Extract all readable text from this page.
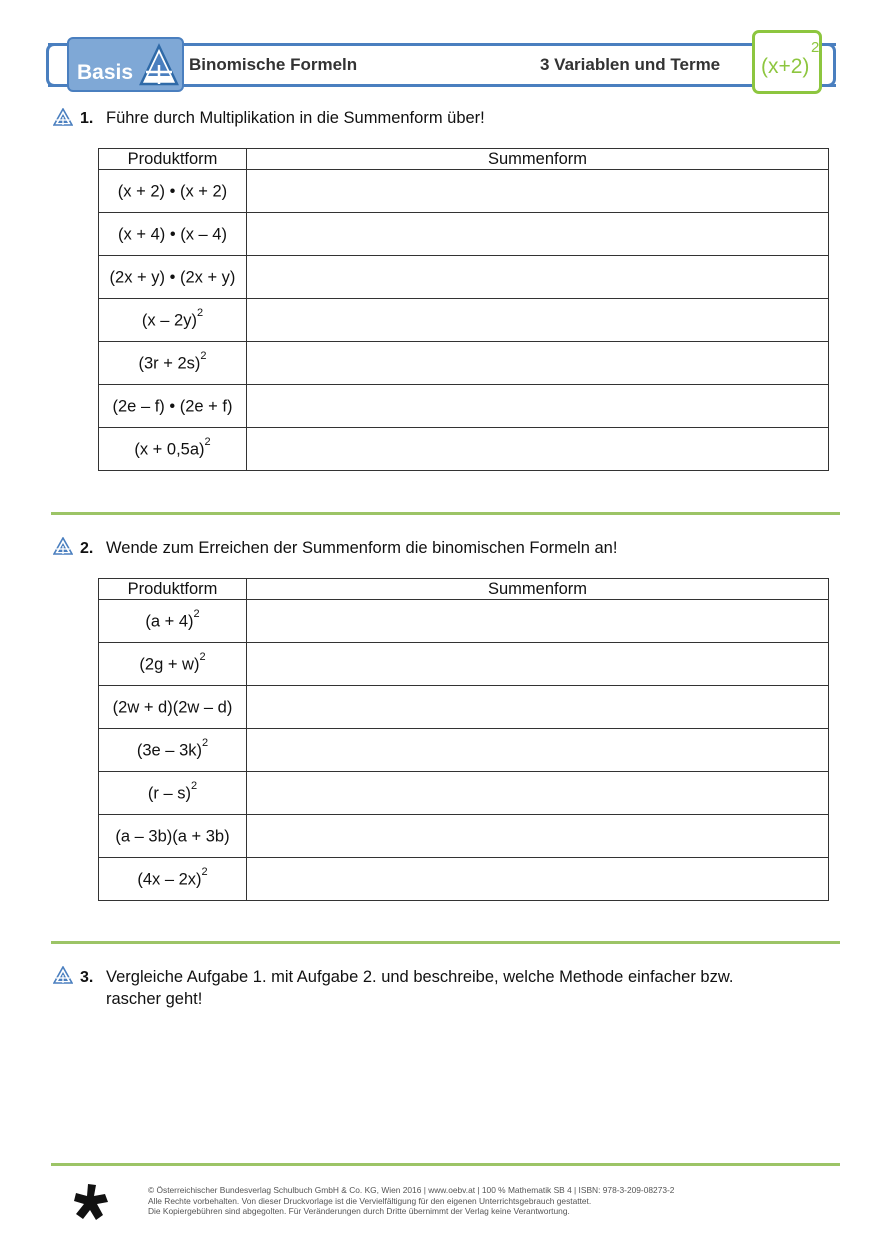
Basis	Binomische Formeln	3 Variablen und Terme (x+2)
2
1. Führe durch Multiplikation in die Summenform über!
Produktform	Summenform
(x + 2) • (x + 2)	
(x + 4) • (x – 4)	
(2x + y) • (2x + y)	
(x – 2y)$^2$	
$(3r + 2s)^2$	
(2e – f) • (2e + f)	
$(x + 0,5a)^2$	
2. Wende zum Erreichen der Summenform die binomischen Formeln an!
Produktform	Summenform
$(a + 4)^2$	
$(2g + w)^2$	
(2w + d)(2w – d)	
(3e – 3k)$^2$	
(r – s)$^2$	
(a – 3b)(a + 3b)	
(4x – 2x)$^2$	
3. Vergleiche Aufgabe 1. mit Aufgabe 2. und beschreibe, welche Methode einfacher bzw.
rascher geht!
© Österreichischer Bundesverlag Schulbuch GmbH & Co. KG, Wien 2016 | www.oebv.at | 100 % Mathematik SB 4 | ISBN: 978-3-209-08273-2
Alle Rechte vorbehalten. Von dieser Druckvorlage ist die Vervielfältigung für den eigenen Unterrichtsgebrauch gestattet.
Die Kopiergebühren sind abgegolten. Für Veränderungen durch Dritte übernimmt der Verlag keine Verantwortung.
